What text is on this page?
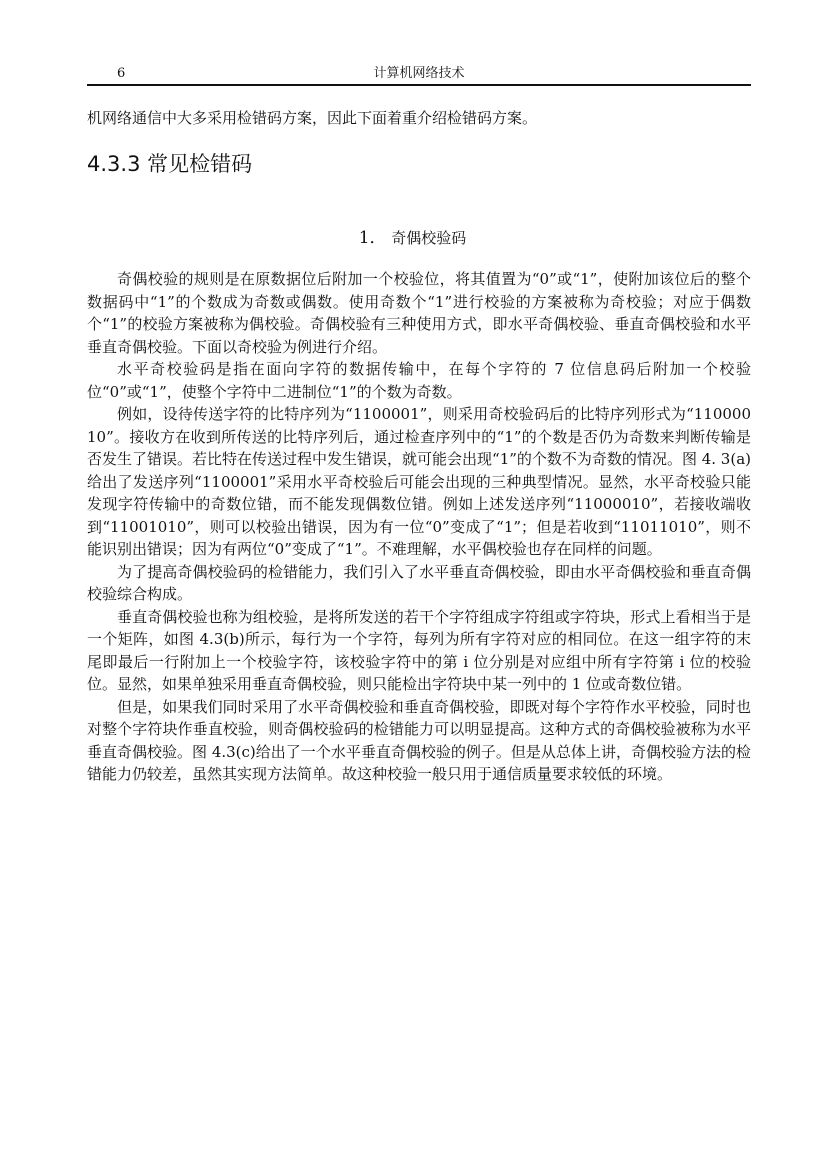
6	计算机网络技术
机网络通信中大多采用检错码方案，因此下面着重介绍检错码方案。
4.3.3 常见检错码
1． 奇偶校验码

奇偶校验的规则是在原数据位后附加一个校验位，将其值置为“0”或“1”，使附加该位后的整个数据码中“1”的个数成为奇数或偶数。使用奇数个“1”进行校验的方案被称为奇校验；对应于偶数个“1”的校验方案被称为偶校验。奇偶校验有三种使用方式，即水平奇偶校验、垂直奇偶校验和水平垂直奇偶校验。下面以奇校验为例进行介绍。

水平奇校验码是指在面向字符的数据传输中，在每个字符的 7 位信息码后附加一个校验位“0”或“1”，使整个字符中二进制位“1”的个数为奇数。

例如，设待传送字符的比特序列为“1100001”，则采用奇校验码后的比特序列形式为“11000010”。接收方在收到所传送的比特序列后，通过检查序列中的“1”的个数是否仍为奇数来判断传输是否发生了错误。若比特在传送过程中发生错误，就可能会出现“1”的个数不为奇数的情况。图 4. 3(a) 给出了发送序列“1100001”采用水平奇校验后可能会出现的三种典型情况。显然，水平奇校验只能发现字符传输中的奇数位错，而不能发现偶数位错。例如上述发送序列“11000010”，若接收端收到“11001010”，则可以校验出错误，因为有一位“0”变成了“1”；但是若收到“11011010”，则不能识别出错误；因为有两位“0”变成了“1”。不难理解，水平偶校验也存在同样的问题。

为了提高奇偶校验码的检错能力，我们引入了水平垂直奇偶校验，即由水平奇偶校验和垂直奇偶校验综合构成。

垂直奇偶校验也称为组校验，是将所发送的若干个字符组成字符组或字符块，形式上看相当于是一个矩阵，如图 4.3(b)所示，每行为一个字符，每列为所有字符对应的相同位。在这一组字符的末尾即最后一行附加上一个校验字符，该校验字符中的第 i 位分别是对应组中所有字符第 i 位的校验位。显然，如果单独采用垂直奇偶校验，则只能检出字符块中某一列中的 1 位或奇数位错。

但是，如果我们同时采用了水平奇偶校验和垂直奇偶校验，即既对每个字符作水平校验，同时也对整个字符块作垂直校验，则奇偶校验码的检错能力可以明显提高。这种方式的奇偶校验被称为水平垂直奇偶校验。图 4.3(c)给出了一个水平垂直奇偶校验的例子。但是从总体上讲，奇偶校验方法的检错能力仍较差，虽然其实现方法简单。故这种校验一般只用于通信质量要求较低的环境。
